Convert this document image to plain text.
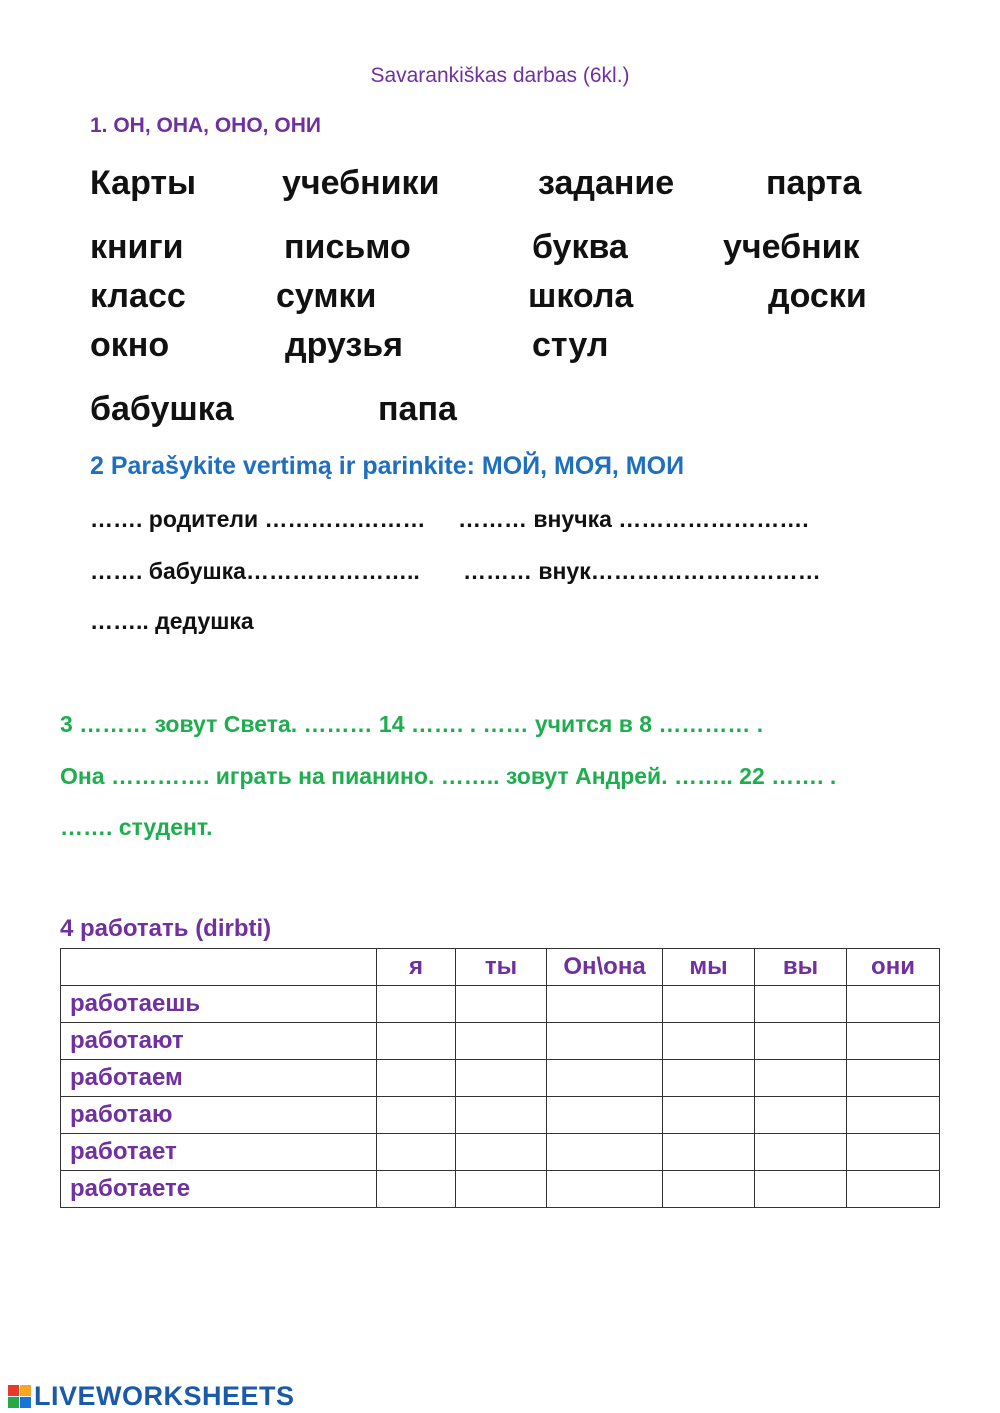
Savarankiškas darbas (6kl.)
1. ОН, ОНА, ОНО, ОНИ
Карты	учебники	задание	парта
книги	письмо	буква	учебник
класс	сумки	школа	доски
окно	друзья	стул
бабушка	папа
2 Parašykite vertimą ir parinkite: МОЙ, МОЯ, МОИ
……. родители ………………… ……… внучка …………………….
……. бабушка………………….. ……… внук…………………………
…….. дедушка
3 ……… зовут Света. ……… 14 ……. . …… учится в 8 ………… .
Она …………. играть на пианино. …….. зовут Андрей. …….. 22 ……. .
……. студент.
4 работать (dirbti)
	я	ты	Он\она	мы	вы	они
работаешь						
работают						
работаем						
работаю						
работает						
работаете						
LIVEWORKSHEETS
